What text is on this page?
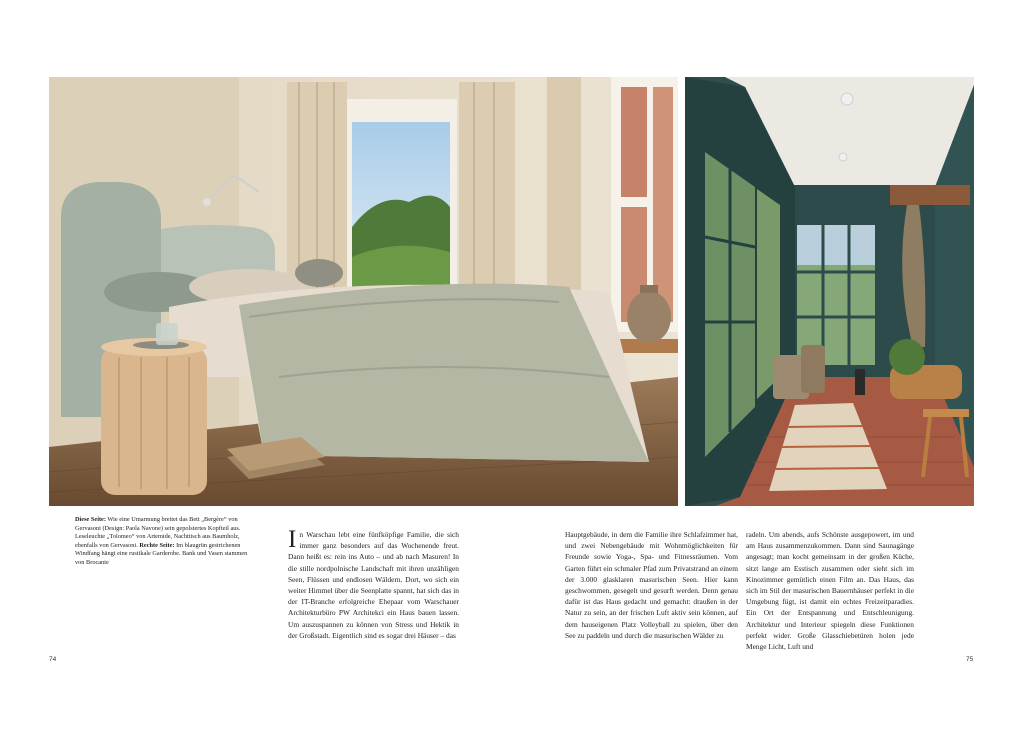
Diese Seite: Wie eine Umarmung breitet das Bett „Bergère“ von Gervasoni (Design: Paola Navone) sein gepolstertes Kopfteil aus. Leseleuchte „Tolomeo“ von Artemide, Nachttisch aus Baumholz, ebenfalls von Gervasoni. Rechte Seite: Im blaugrün gestrichenen Windfang hängt eine rustikale Garderobe. Bank und Vasen stammen von Brocante

In Warschau lebt eine fünfköpfige Familie, die sich immer ganz besonders auf das Wochenende freut. Dann heißt es: rein ins Auto – und ab nach Masuren! In die stille nordpolnische Landschaft mit ihren unzähligen Seen, Flüssen und endlosen Wäldern. Dort, wo sich ein weiter Himmel über die Seenplatte spannt, hat sich das in der IT-Branche erfolgreiche Ehepaar vom Warschauer Architekturbüro PW Architekci ein Haus bauen lassen. Um auszuspannen zu können von Stress und Hektik in der Großstadt. Eigentlich sind es sogar drei Häuser – das

Hauptgebäude, in dem die Familie ihre Schlafzimmer hat, und zwei Nebengebäude mit Wohnmöglichkeiten für Freunde sowie Yoga-, Spa- und Fitnessräumen. Vom Garten führt ein schmaler Pfad zum Privatstrand an einem der 3.000 glasklaren masurischen Seen. Hier kann geschwommen, gesegelt und gesurft werden. Denn genau dafür ist das Haus gedacht und gemacht: draußen in der Natur zu sein, an der frischen Luft aktiv sein können, auf dem hauseigenen Platz Volleyball zu spielen, über den See zu paddeln und durch die masurischen Wälder zu

radeln. Um abends, aufs Schönste ausgepowert, im und am Haus zusammenzukommen. Dann sind Saunagänge angesagt; man kocht gemeinsam in der großen Küche, sitzt lange am Esstisch zusammen oder sieht sich im Kinozimmer gemütlich einen Film an. Das Haus, das sich im Stil der masurischen Bauernhäuser perfekt in die Umgebung fügt, ist damit ein echtes Freizeitparadies. Ein Ort der Entspannung und Entschleunigung. Architektur und Interieur spiegeln diese Funktionen perfekt wider. Große Glasschiebetüren holen jede Menge Licht, Luft und

74	75
